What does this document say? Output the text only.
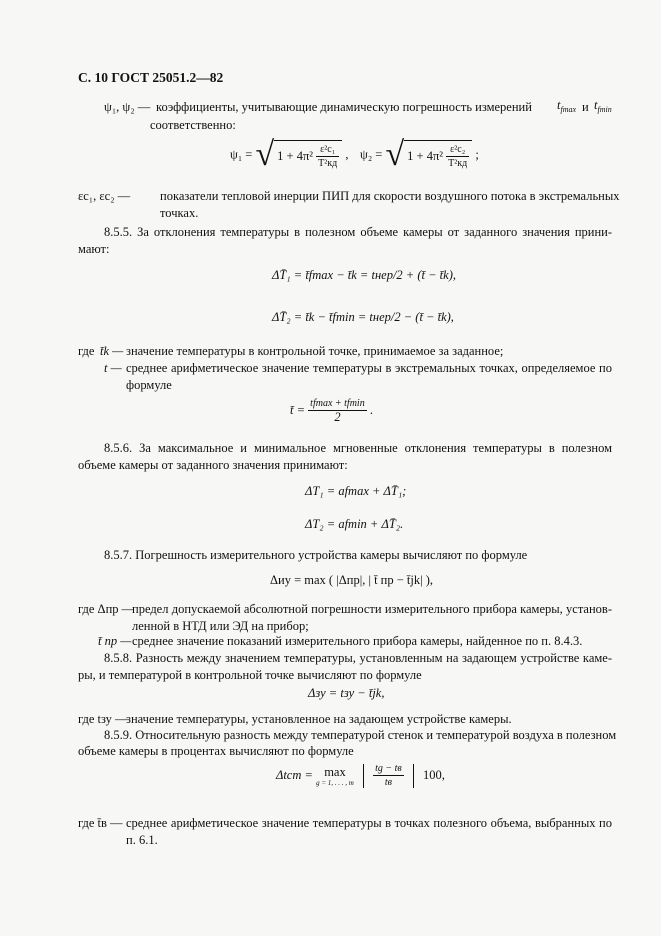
С. 10 ГОСТ 25051.2—82
ψ₁, ψ₂ — коэффициенты, учитывающие динамическую погрешность измерений $t_{fmax}$ и $t_{fmin}$
соответственно:
ψ₁ = √ $1 + 4\pi^2 \frac{\text{ε²c₁}}{\text{T²кд}}$ , ψ₂ = √ $1 + 4\pi^2 \frac{\text{ε²c₂}}{\text{T²кд}}$ ;
εc₁, εc₂ — показатели тепловой инерции ПИП для скорости воздушного потока в экстремальных
точках.
8.5.5. За отклонения температуры в полезном объеме камеры от заданного значения прини-
мают:
ΔT̄₁ = t̄fmax − t̄k = tнер/2 + (t̄ − t̄k),
ΔT̄₂ = t̄k − t̄fmin = tнер/2 − (t̄ − t̄k),
где t̄k — значение температуры в контрольной точке, принимаемое за заданное;
t — среднее арифметическое значение температуры в экстремальных точках, определяемое по
формуле
t̄ = $\frac{tfmax + tfmin}{2}$ .
8.5.6. За максимальное и минимальное мгновенные отклонения температуры в полезном
объеме камеры от заданного значения принимают:
ΔT₁ = afmax + ΔT̄₁;
ΔT₂ = afmin + ΔT̄₂.
8.5.7. Погрешность измерительного устройства камеры вычисляют по формуле
Δиу = max ( |Δпр|, | t̄ пр − t̄jk| ),
где Δпр —
предел допускаемой абсолютной погрешности измерительного прибора камеры, установ-
ленной в НТД или ЭД на прибор;
t̄ пр — среднее значение показаний измерительного прибора камеры, найденное по п. 8.4.3.
8.5.8. Разность между значением температуры, установленным на задающем устройстве каме-
ры, и температурой в контрольной точке вычисляют по формуле
Δзу = tзу − t̄jk,
где tзу —
значение температуры, установленное на задающем устройстве камеры.
8.5.9. Относительную разность между температурой стенок и температурой воздуха в полезном
объеме камеры в процентах вычисляют по формуле
Δtст = max
g = 1, . . . , m
$\frac{tg - tв}{tв} 100$,
где t̄в — среднее арифметическое значение температуры в точках полезного объема, выбранных по
п. 6.1.
